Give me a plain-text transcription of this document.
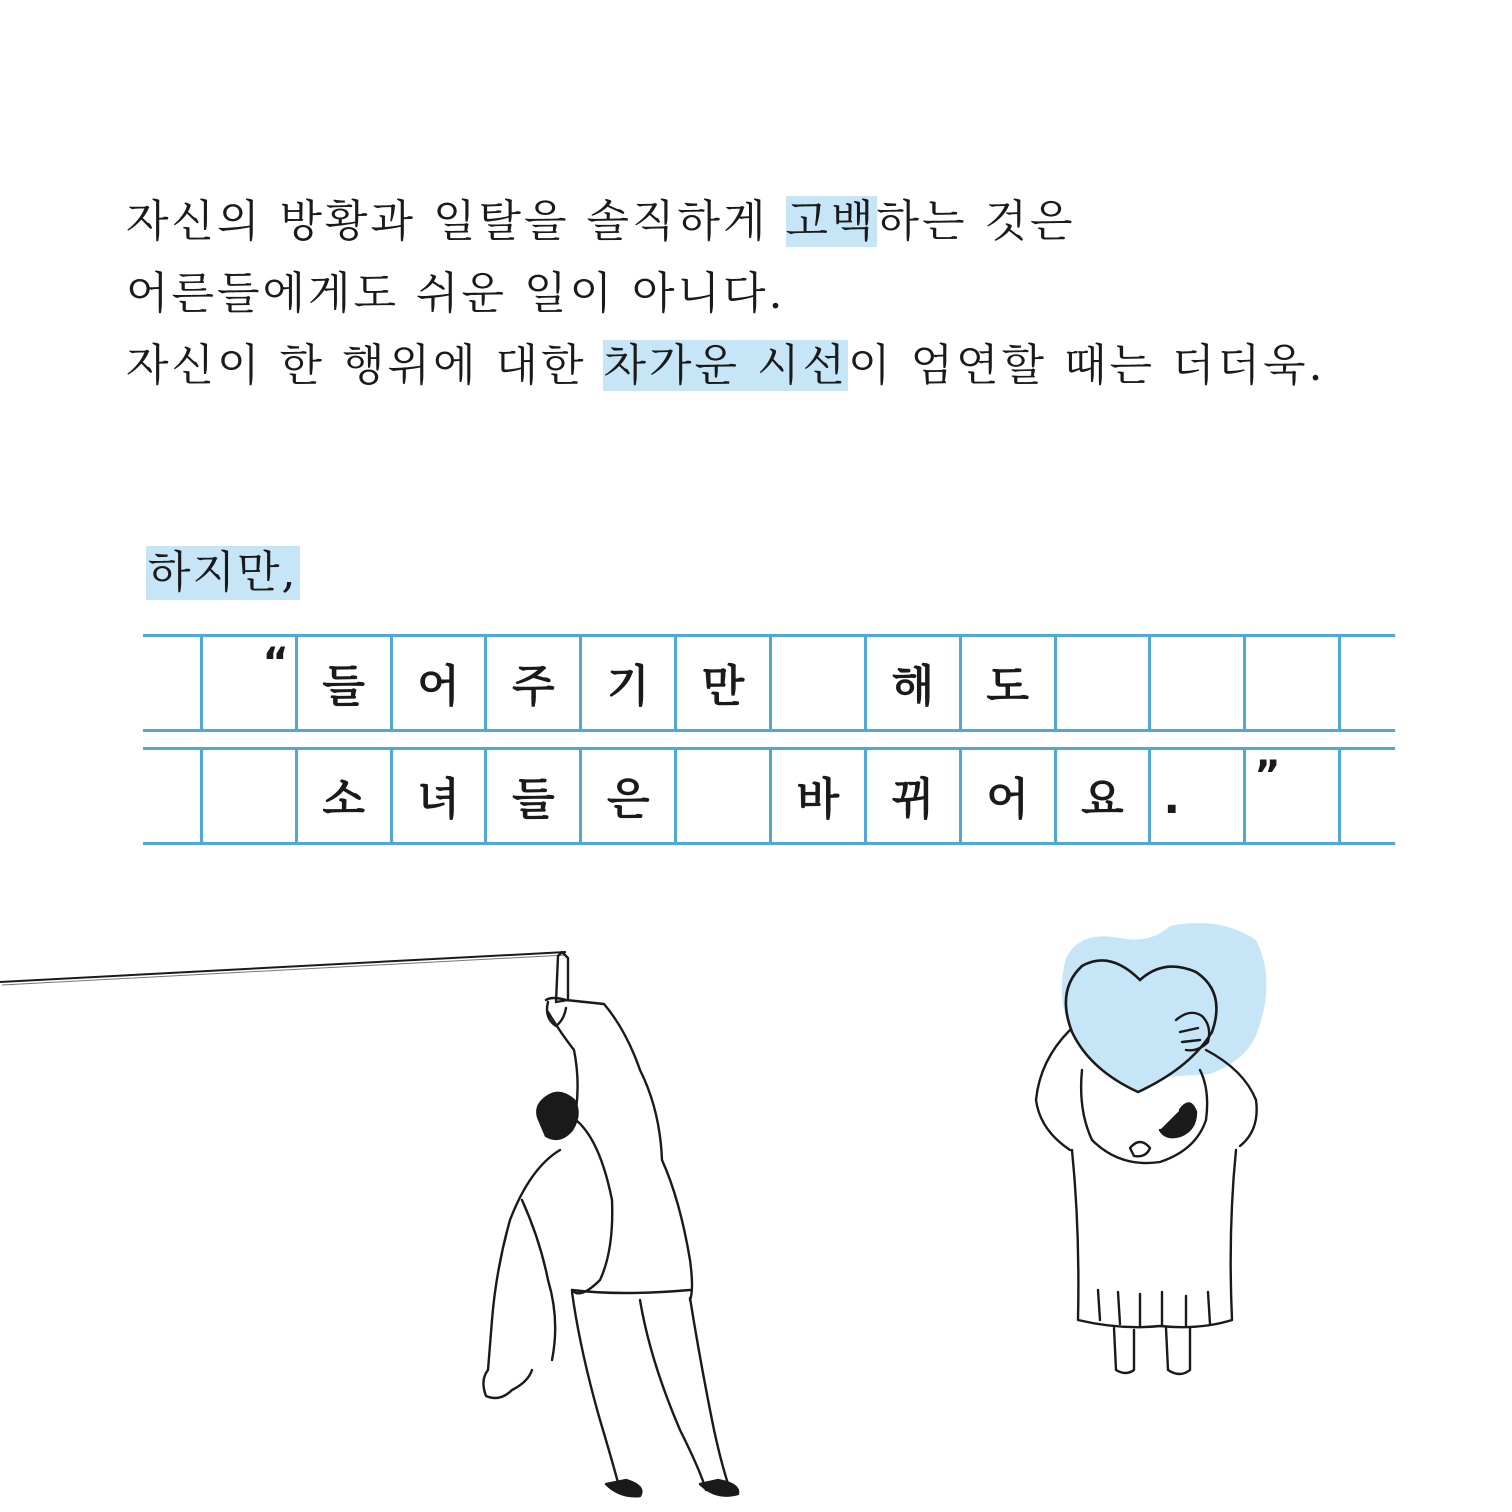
자신의 방황과 일탈을 솔직하게 고백하는 것은
어른들에게도 쉬운 일이 아니다.
자신이 한 행위에 대한 차가운 시선이 엄연할 때는 더더욱.
하지만,
“ 들	어	주	기	만	해	도
소	녀	들	은	바	뀌	어	요 . ”
